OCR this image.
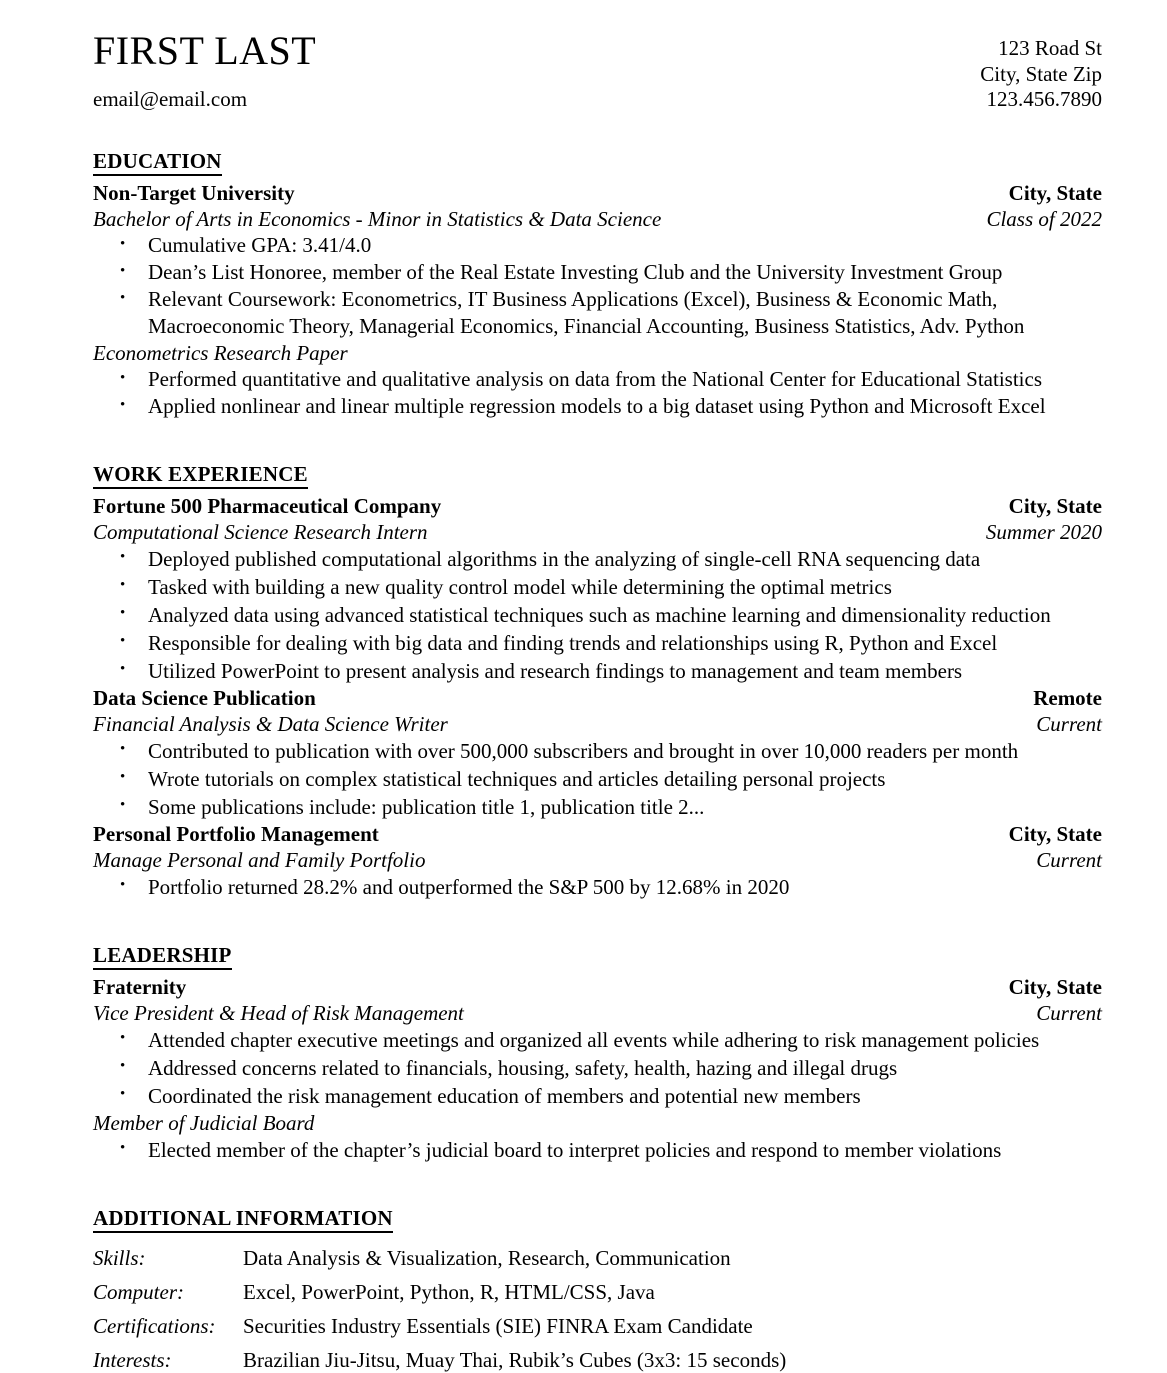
FIRST LAST
email@email.com
123 Road St
City, State Zip
123.456.7890
EDUCATION
Non-Target University	City, State
Bachelor of Arts in Economics - Minor in Statistics & Data Science	Class of 2022
• Cumulative GPA: 3.41/4.0
• Dean’s List Honoree, member of the Real Estate Investing Club and the University Investment Group
• Relevant Coursework: Econometrics, IT Business Applications (Excel), Business & Economic Math, Macroeconomic Theory, Managerial Economics, Financial Accounting, Business Statistics, Adv. Python
Econometrics Research Paper
• Performed quantitative and qualitative analysis on data from the National Center for Educational Statistics
• Applied nonlinear and linear multiple regression models to a big dataset using Python and Microsoft Excel
WORK EXPERIENCE
Fortune 500 Pharmaceutical Company	City, State
Computational Science Research Intern	Summer 2020
• Deployed published computational algorithms in the analyzing of single-cell RNA sequencing data
• Tasked with building a new quality control model while determining the optimal metrics
• Analyzed data using advanced statistical techniques such as machine learning and dimensionality reduction
• Responsible for dealing with big data and finding trends and relationships using R, Python and Excel
• Utilized PowerPoint to present analysis and research findings to management and team members
Data Science Publication	Remote
Financial Analysis & Data Science Writer	Current
• Contributed to publication with over 500,000 subscribers and brought in over 10,000 readers per month
• Wrote tutorials on complex statistical techniques and articles detailing personal projects
• Some publications include: publication title 1, publication title 2...
Personal Portfolio Management	City, State
Manage Personal and Family Portfolio	Current
• Portfolio returned 28.2% and outperformed the S&P 500 by 12.68% in 2020
LEADERSHIP
Fraternity	City, State
Vice President & Head of Risk Management	Current
• Attended chapter executive meetings and organized all events while adhering to risk management policies
• Addressed concerns related to financials, housing, safety, health, hazing and illegal drugs
• Coordinated the risk management education of members and potential new members
Member of Judicial Board
• Elected member of the chapter’s judicial board to interpret policies and respond to member violations
ADDITIONAL INFORMATION
Skills:	Data Analysis & Visualization, Research, Communication
Computer:	Excel, PowerPoint, Python, R, HTML/CSS, Java
Certifications:	Securities Industry Essentials (SIE) FINRA Exam Candidate
Interests:	Brazilian Jiu-Jitsu, Muay Thai, Rubik’s Cubes (3x3: 15 seconds)
